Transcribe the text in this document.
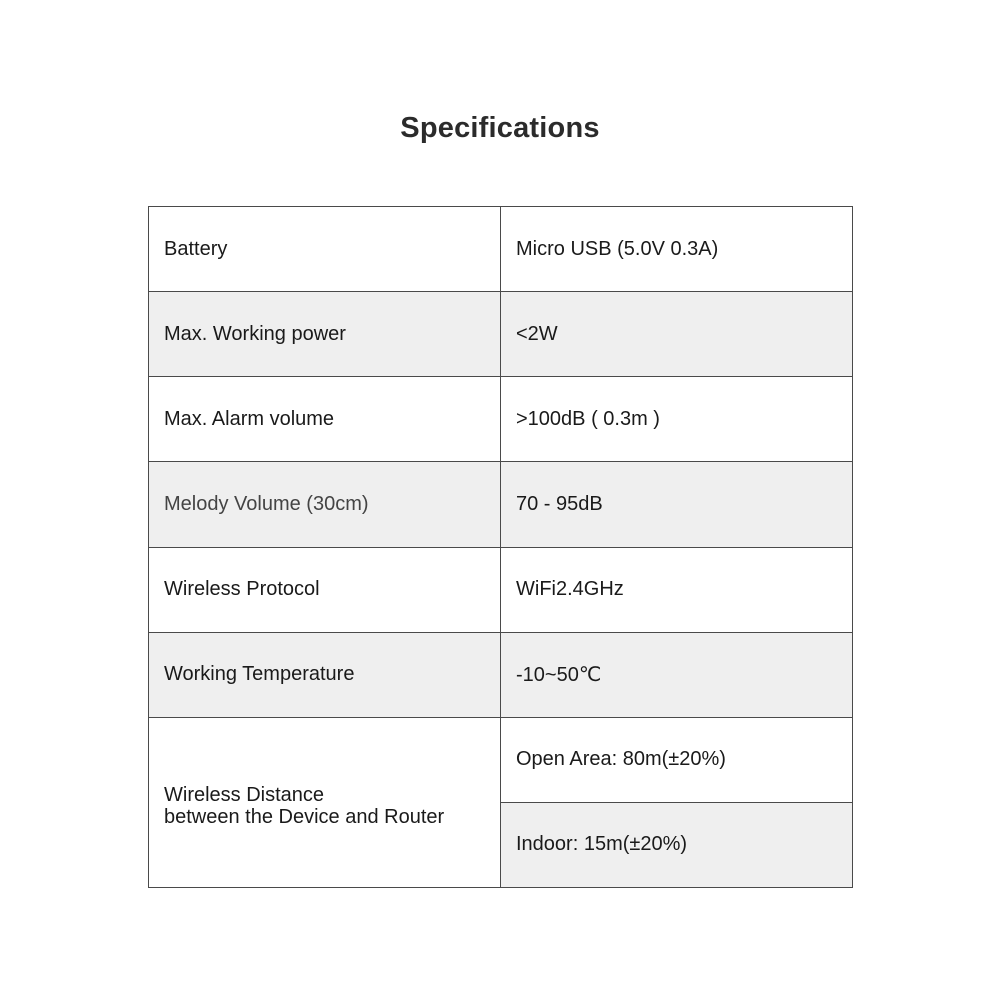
Specifications
Battery	Micro USB (5.0V 0.3A)
Max. Working power	<2W
Max. Alarm volume	>100dB ( 0.3m )
Melody Volume (30cm)	70 - 95dB
Wireless Protocol	WiFi2.4GHz
Working Temperature	-10~50℃

Wireless Distance
between the Device and Router	Open Area: 80m(±20%)
	Indoor: 15m(±20%)
